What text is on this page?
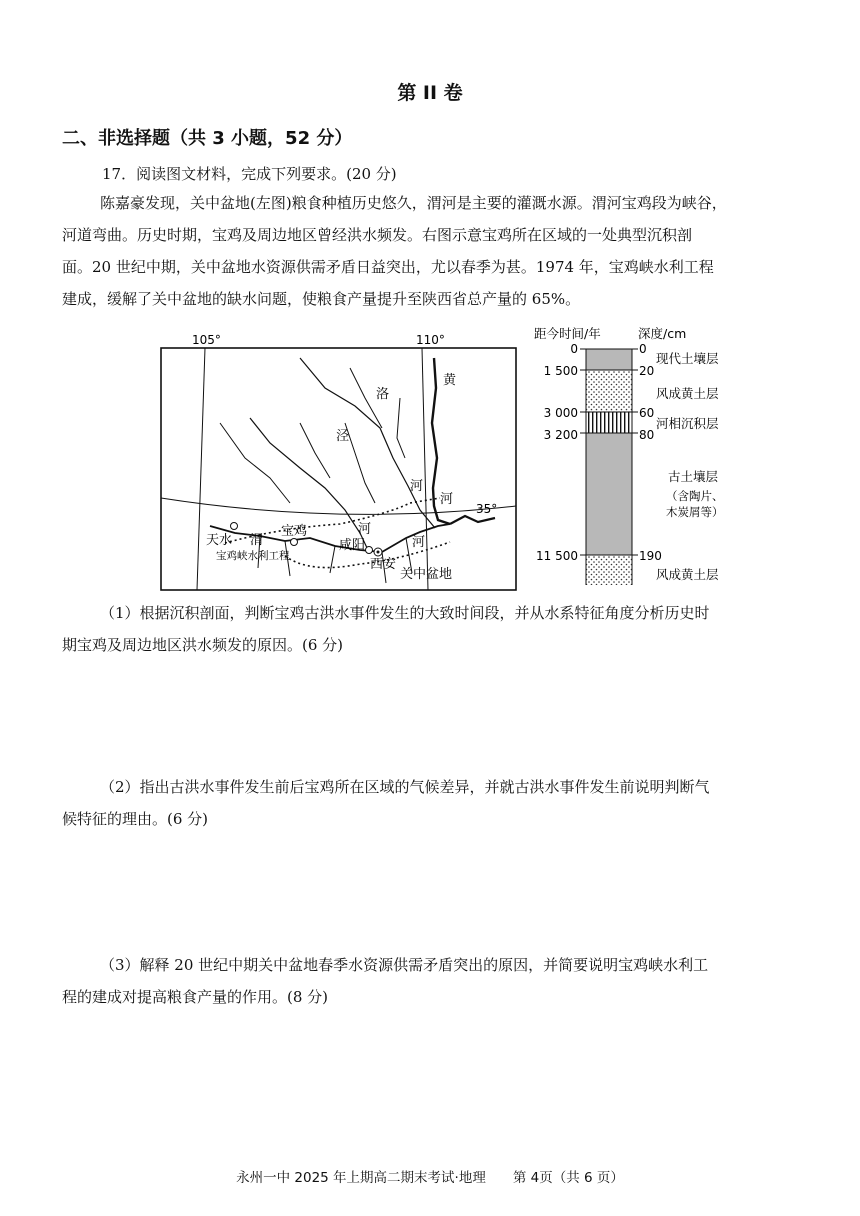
第 II 卷
二、非选择题（共 3 小题，52 分）
17．阅读图文材料，完成下列要求。(20 分)
陈嘉豪发现，关中盆地(左图)粮食种植历史悠久，渭河是主要的灌溉水源。渭河宝鸡段为峡谷，
河道弯曲。历史时期，宝鸡及周边地区曾经洪水频发。右图示意宝鸡所在区域的一处典型沉积剖
面。20 世纪中期，关中盆地水资源供需矛盾日益突出，尤以春季为甚。1974 年，宝鸡峡水利工程
建成，缓解了关中盆地的缺水问题，使粮食产量提升至陕西省总产量的 65%。
105°	110°
35°
天水
宝鸡
咸阳
西安
关中盆地
宝鸡峡水利工程
洛
泾
河
河
渭	河
河
黄
距今时间/年	深度/cm
0
1 500
3 000
3 200
11 500
0
20
60
80
190
现代土壤层
风成黄土层
河相沉积层
古土壤层
（含陶片、
木炭屑等）
风成黄土层
（1）根据沉积剖面，判断宝鸡古洪水事件发生的大致时间段，并从水系特征角度分析历史时
期宝鸡及周边地区洪水频发的原因。(6 分)
（2）指出古洪水事件发生前后宝鸡所在区域的气候差异，并就古洪水事件发生前说明判断气
候特征的理由。(6 分)
（3）解释 20 世纪中期关中盆地春季水资源供需矛盾突出的原因，并简要说明宝鸡峡水利工
程的建成对提高粮食产量的作用。(8 分)
永州一中 2025 年上期高二期末考试·地理　　第 4页（共 6 页）
